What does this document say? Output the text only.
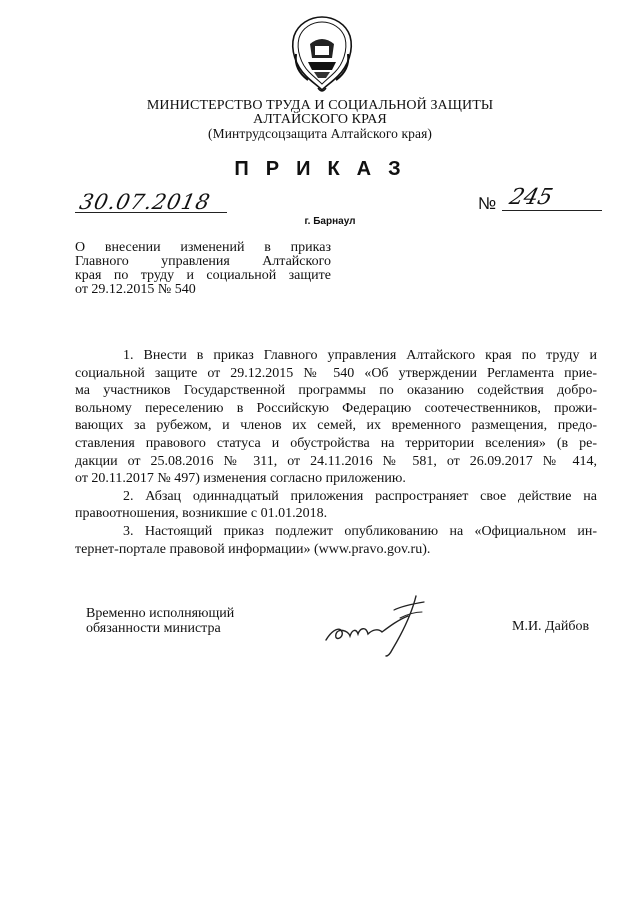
МИНИСТЕРСТВО ТРУДА И СОЦИАЛЬНОЙ ЗАЩИТЫ
АЛТАЙСКОГО КРАЯ
(Минтрудсоцзащита Алтайского края)
ПРИКАЗ
30.07.2018	№ 245
г. Барнаул
О внесении изменений в приказ
Главного управления Алтайского
края по труду и социальной защите
от 29.12.2015 № 540
1. Внести в приказ Главного управления Алтайского края по труду и
социальной защите от 29.12.2015 № 540 «Об утверждении Регламента прие-
ма участников Государственной программы по оказанию содействия добро-
вольному переселению в Российскую Федерацию соотечественников, прожи-
вающих за рубежом, и членов их семей, их временного размещения, предо-
ставления правового статуса и обустройства на территории вселения» (в ре-
дакции от 25.08.2016 № 311, от 24.11.2016 № 581, от 26.09.2017 № 414,
от 20.11.2017 № 497) изменения согласно приложению.
2. Абзац одиннадцатый приложения распространяет свое действие на
правоотношения, возникшие с 01.01.2018.
3. Настоящий приказ подлежит опубликованию на «Официальном ин-
тернет-портале правовой информации» (www.pravo.gov.ru).
Временно исполняющий
обязанности министра	М.И. Дайбов
